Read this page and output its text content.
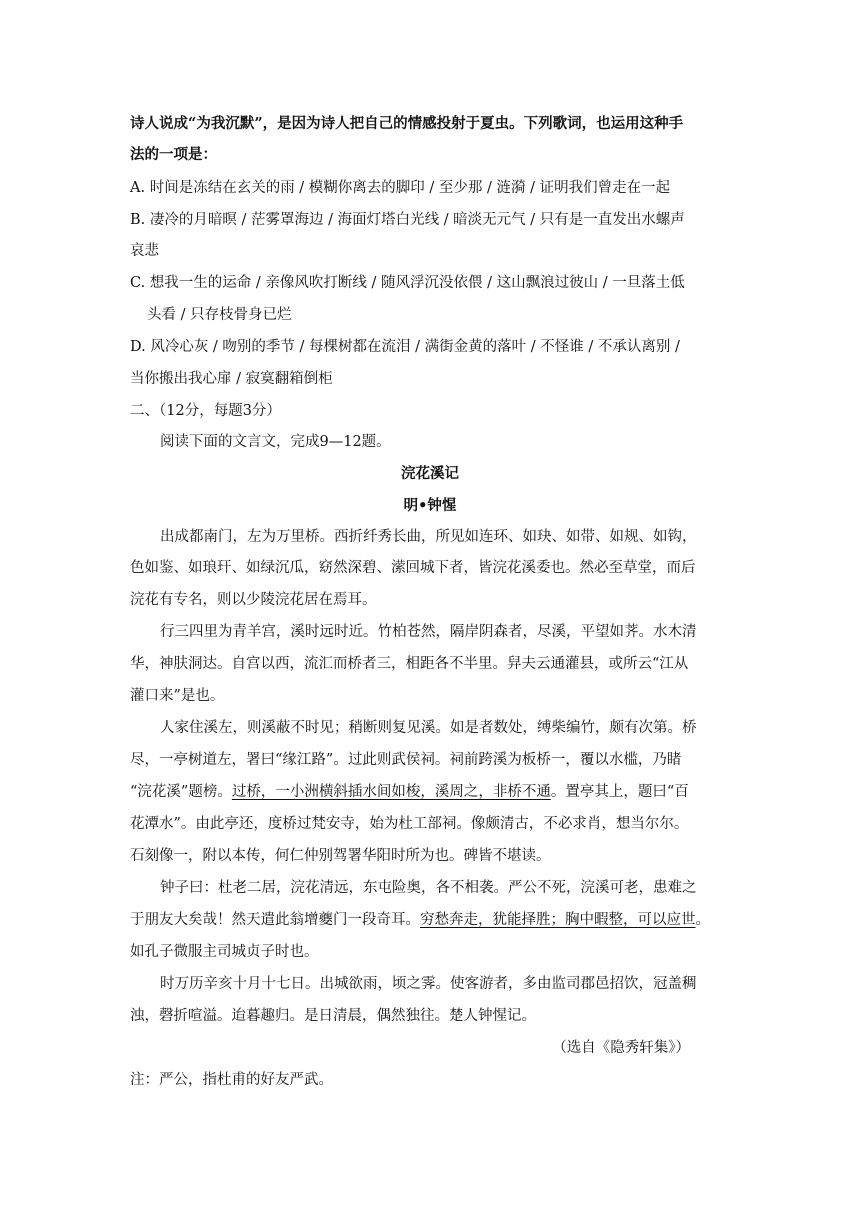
诗人说成“为我沉默”，是因为诗人把自己的情感投射于夏虫。下列歌词，也运用这种手
法的一项是：
A. 时间是冻结在玄关的雨 / 模糊你离去的脚印 / 至少那 / 涟漪 / 证明我们曾走在一起
B. 凄冷的月暗暝 / 茫雾罩海边 / 海面灯塔白光线 / 暗淡无元气 / 只有是一直发出水螺声
哀悲
C. 想我一生的运命 / 亲像风吹打断线 / 随风浮沉没依偎 / 这山飘浪过彼山 / 一旦落土低
头看 / 只存枝骨身已烂
D. 风冷心灰 / 吻别的季节 / 每棵树都在流泪 / 满街金黄的落叶 / 不怪谁 / 不承认离别 /
当你搬出我心扉 / 寂寞翻箱倒柜
二、（12分，每题3分）
阅读下面的文言文，完成9—12题。
浣花溪记
明•钟惺
出成都南门，左为万里桥。西折纤秀长曲，所见如连环、如玦、如带、如规、如钩，
色如鉴、如琅玕、如绿沉瓜，窈然深碧、潆回城下者，皆浣花溪委也。然必至草堂，而后
浣花有专名，则以少陵浣花居在焉耳。
行三四里为青羊宫，溪时远时近。竹柏苍然，隔岸阴森者，尽溪，平望如荠。水木清
华，神肤洞达。自宫以西，流汇而桥者三，相距各不半里。舁夫云通灌县，或所云“江从
灌口来”是也。
人家住溪左，则溪蔽不时见；稍断则复见溪。如是者数处，缚柴编竹，颇有次第。桥
尽，一亭树道左，署曰“缘江路”。过此则武侯祠。祠前跨溪为板桥一，覆以水槛，乃睹
“浣花溪”题榜。过桥，一小洲横斜插水间如梭，溪周之，非桥不通。置亭其上，题曰“百
花潭水”。由此亭还，度桥过梵安寺，始为杜工部祠。像颇清古，不必求肖，想当尔尔。
石刻像一，附以本传，何仁仲别驾署华阳时所为也。碑皆不堪读。
钟子曰：杜老二居，浣花清远，东屯险奥，各不相袭。严公不死，浣溪可老，患难之
于朋友大矣哉！然天遣此翁增夔门一段奇耳。穷愁奔走，犹能择胜；胸中暇整，可以应世。
如孔子微服主司城贞子时也。
时万历辛亥十月十七日。出城欲雨，顷之霁。使客游者，多由监司郡邑招饮，冠盖稠
浊，磬折喧溢。迨暮趣归。是日清晨，偶然独往。楚人钟惺记。
（选自《隐秀轩集》）
注：严公，指杜甫的好友严武。
